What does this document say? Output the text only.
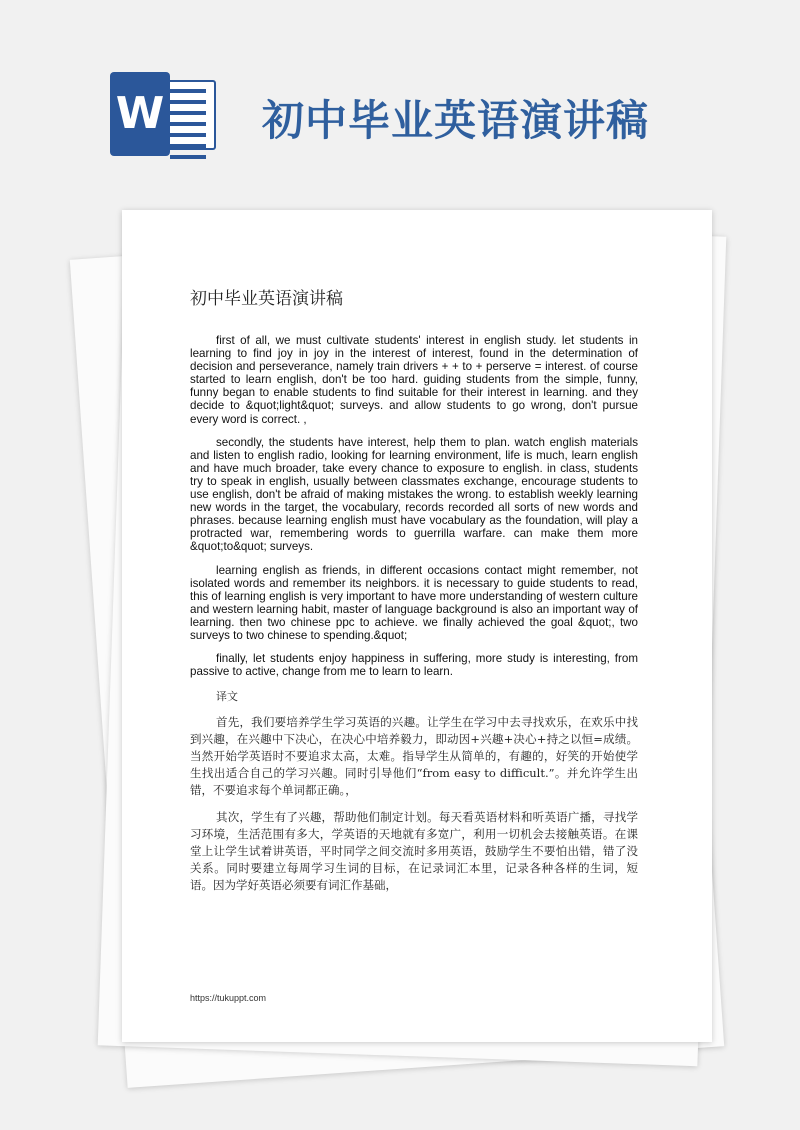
W 初中毕业英语演讲稿
初中毕业英语演讲稿

first of all, we must cultivate students' interest in english study. let students in learning to find joy in joy in the interest of interest, found in the determination of decision and perseverance, namely train drivers + + to + perserve = interest. of course started to learn english, don't be too hard. guiding students from the simple, funny, funny began to enable students to find suitable for their interest in learning. and they decide to &quot;light&quot; surveys. and allow students to go wrong, don't pursue every word is correct. ,

secondly, the students have interest, help them to plan. watch english materials and listen to english radio, looking for learning environment, life is much, learn english and have much broader, take every chance to exposure to english. in class, students try to speak in english, usually between classmates exchange, encourage students to use english, don't be afraid of making mistakes the wrong. to establish weekly learning new words in the target, the vocabulary, records recorded all sorts of new words and phrases. because learning english must have vocabulary as the foundation, will play a protracted war, remembering words to guerrilla warfare. can make them more &quot;to&quot; surveys.

learning english as friends, in different occasions contact might remember, not isolated words and remember its neighbors. it is necessary to guide students to read, this of learning english is very important to have more understanding of western culture and western learning habit, master of language background is also an important way of learning. then two chinese ppc to achieve. we finally achieved the goal &quot;, two surveys to two chinese to spending.&quot;

finally, let students enjoy happiness in suffering, more study is interesting, from passive to active, change from me to learn to learn.

译文

首先，我们要培养学生学习英语的兴趣。让学生在学习中去寻找欢乐，在欢乐中找到兴趣，在兴趣中下决心，在决心中培养毅力，即动因+兴趣+决心+持之以恒=成绩。当然开始学英语时不要追求太高，太难。指导学生从简单的，有趣的，好笑的开始使学生找出适合自己的学习兴趣。同时引导他们“from easy to difficult.”。并允许学生出错，不要追求每个单词都正确。，

其次，学生有了兴趣，帮助他们制定计划。每天看英语材料和听英语广播，寻找学习环境，生活范围有多大，学英语的天地就有多宽广，利用一切机会去接触英语。在课堂上让学生试着讲英语，平时同学之间交流时多用英语，鼓励学生不要怕出错，错了没关系。同时要建立每周学习生词的目标，在记录词汇本里，记录各种各样的生词，短语。因为学好英语必须要有词汇作基础，

https://tukuppt.com
